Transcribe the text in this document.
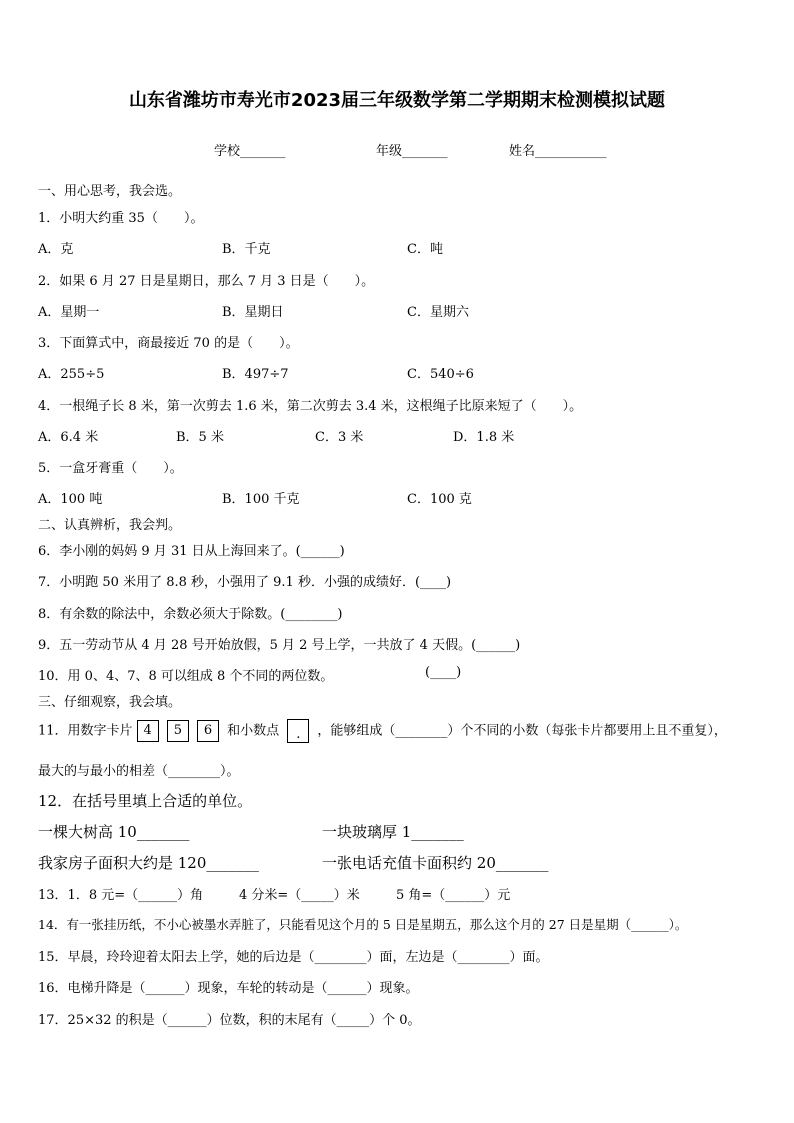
山东省潍坊市寿光市2023届三年级数学第二学期期末检测模拟试题
学校_______	年级_______	姓名___________
一、用心思考，我会选。
1．小明大约重 35（　　）。
A．克	B．千克	C．吨
2．如果 6 月 27 日是星期日，那么 7 月 3 日是（　　）。
A．星期一	B．星期日	C．星期六
3．下面算式中，商最接近 70 的是（　　）。
A．255÷5	B．497÷7	C．540÷6
4．一根绳子长 8 米，第一次剪去 1.6 米，第二次剪去 3.4 米，这根绳子比原来短了（　　）。
A．6.4 米	B．5 米	C．3 米	D．1.8 米
5．一盒牙膏重（　　）。
A．100 吨	B．100 千克	C．100 克
二、认真辨析，我会判。
6．李小刚的妈妈 9 月 31 日从上海回来了。(______)
7．小明跑 50 米用了 8.8 秒，小强用了 9.1 秒．小强的成绩好．(____)
8．有余数的除法中，余数必须大于除数。(________)
9．五一劳动节从 4 月 28 号开始放假，5 月 2 号上学，一共放了 4 天假。(______)
10．用 0、4、7、8 可以组成 8 个不同的两位数。	(____)
三、仔细观察，我会填。
11．用数字卡片 4 5 6 和小数点 . ，能够组成（________）个不同的小数（每张卡片都要用上且不重复），
最大的与最小的相差（________）。
12．在括号里填上合适的单位。
一棵大树高 10_______	一块玻璃厚 1_______
我家房子面积大约是 120_______	一张电话充值卡面积约 20_______
13．1．8 元=（______）角	4 分米=（_____）米	5 角=（______）元
14．有一张挂历纸，不小心被墨水弄脏了，只能看见这个月的 5 日是星期五，那么这个月的 27 日是星期（______）。
15．早晨，玲玲迎着太阳去上学，她的后边是（________）面，左边是（________）面。
16．电梯升降是（______）现象，车轮的转动是（______）现象。
17．25×32 的积是（______）位数，积的末尾有（_____）个 0。
